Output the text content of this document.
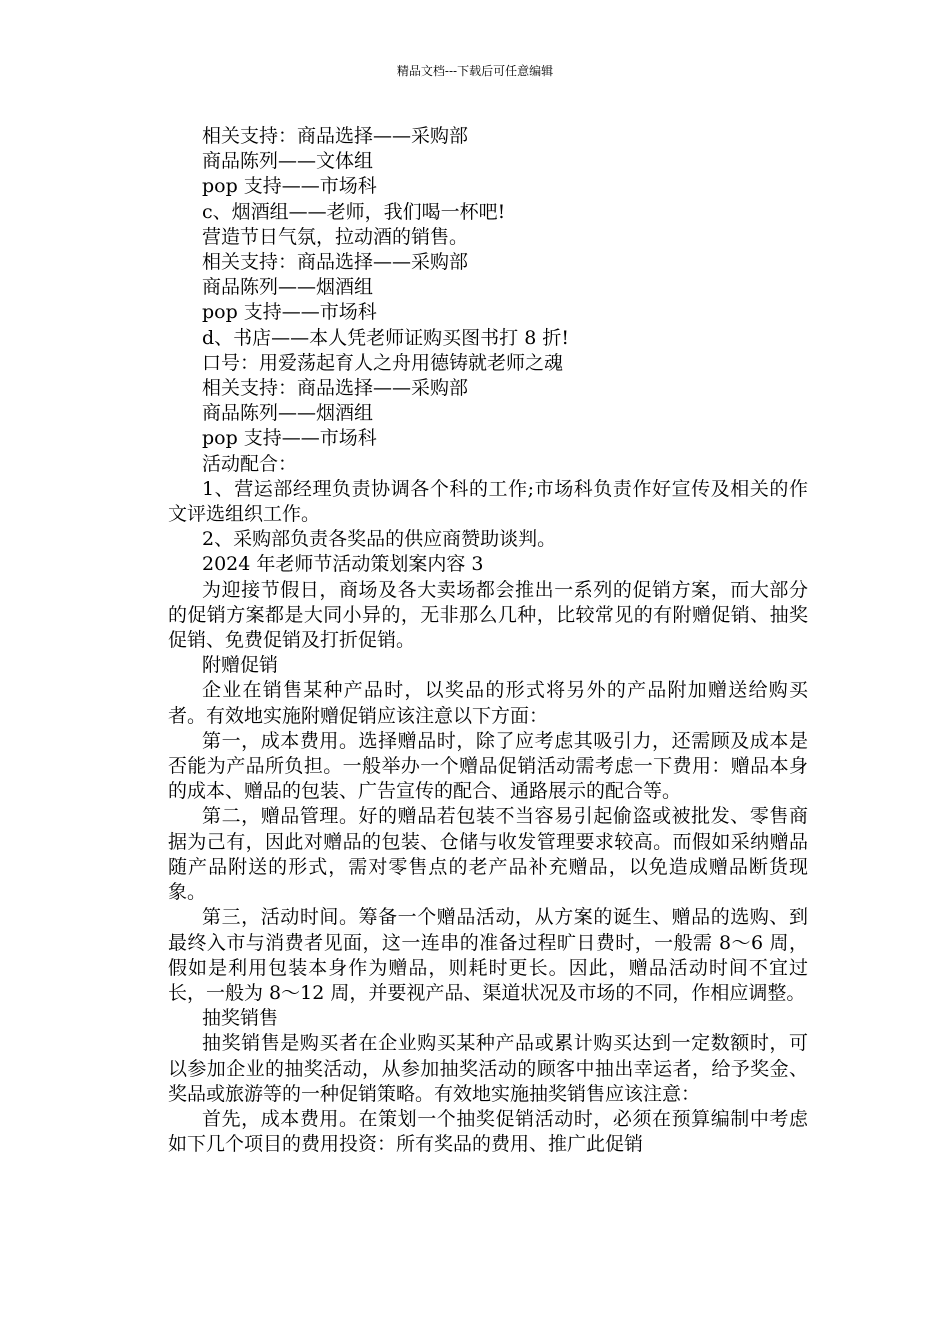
精品文档---下载后可任意编辑
相关支持：商品选择——采购部
商品陈列——文体组
pop 支持——市场科
c、烟酒组——老师，我们喝一杯吧!
营造节日气氛，拉动酒的销售。
相关支持：商品选择——采购部
商品陈列——烟酒组
pop 支持——市场科
d、书店——本人凭老师证购买图书打 8 折!
口号：用爱荡起育人之舟用德铸就老师之魂
相关支持：商品选择——采购部
商品陈列——烟酒组
pop 支持——市场科
活动配合：
1、营运部经理负责协调各个科的工作;市场科负责作好宣传及相关的作文评选组织工作。
2、采购部负责各奖品的供应商赞助谈判。
2024 年老师节活动策划案内容 3
为迎接节假日，商场及各大卖场都会推出一系列的促销方案，而大部分的促销方案都是大同小异的，无非那么几种，比较常见的有附赠促销、抽奖促销、免费促销及打折促销。
附赠促销
企业在销售某种产品时，以奖品的形式将另外的产品附加赠送给购买者。有效地实施附赠促销应该注意以下方面：
第一，成本费用。选择赠品时，除了应考虑其吸引力，还需顾及成本是否能为产品所负担。一般举办一个赠品促销活动需考虑一下费用：赠品本身的成本、赠品的包装、广告宣传的配合、通路展示的配合等。
第二，赠品管理。好的赠品若包装不当容易引起偷盗或被批发、零售商据为己有，因此对赠品的包装、仓储与收发管理要求较高。而假如采纳赠品随产品附送的形式，需对零售点的老产品补充赠品，以免造成赠品断货现象。
第三，活动时间。筹备一个赠品活动，从方案的诞生、赠品的选购、到最终入市与消费者见面，这一连串的准备过程旷日费时，一般需 8～6 周，假如是利用包装本身作为赠品，则耗时更长。因此，赠品活动时间不宜过长，一般为 8～12 周，并要视产品、渠道状况及市场的不同，作相应调整。
抽奖销售
抽奖销售是购买者在企业购买某种产品或累计购买达到一定数额时，可以参加企业的抽奖活动，从参加抽奖活动的顾客中抽出幸运者，给予奖金、奖品或旅游等的一种促销策略。有效地实施抽奖销售应该注意：
首先，成本费用。在策划一个抽奖促销活动时，必须在预算编制中考虑如下几个项目的费用投资：所有奖品的费用、推广此促销
